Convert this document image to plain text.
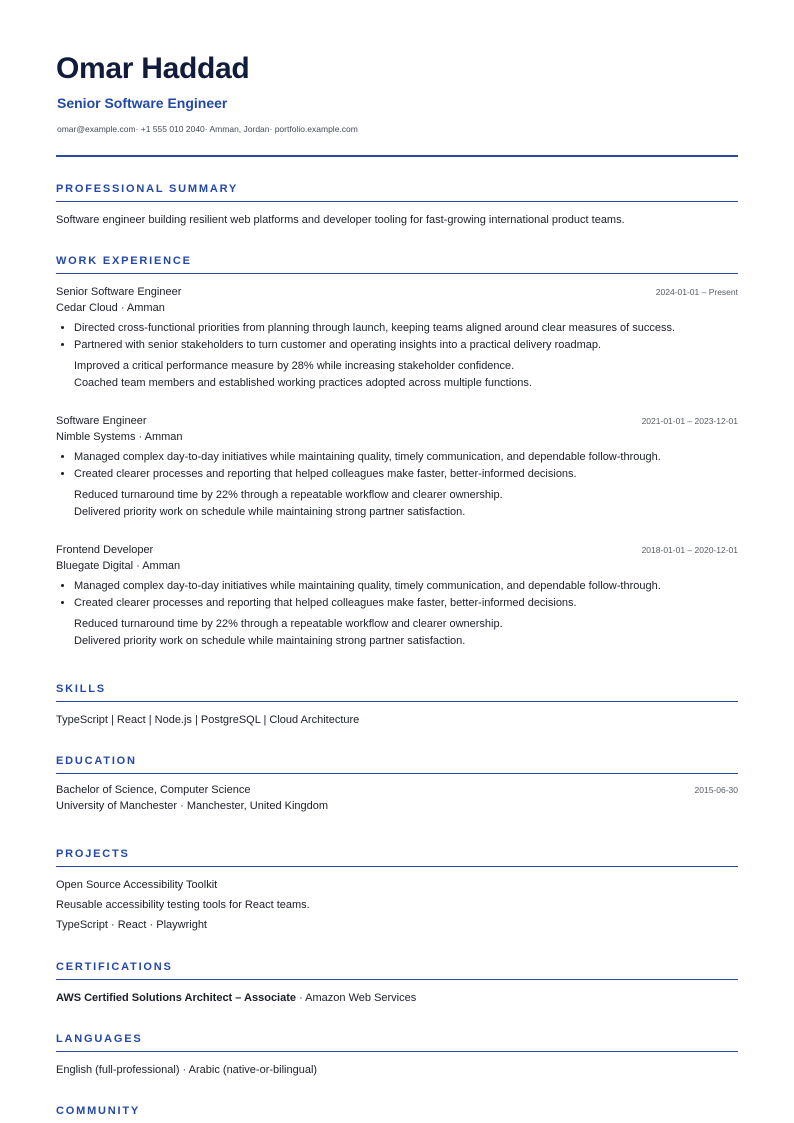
Omar Haddad
Senior Software Engineer
omar@example.com· +1 555 010 2040· Amman, Jordan· portfolio.example.com
PROFESSIONAL SUMMARY
Software engineer building resilient web platforms and developer tooling for fast-growing international product teams.
WORK EXPERIENCE
Senior Software Engineer	2024-01-01 – Present
Cedar Cloud · Amman
• Directed cross-functional priorities from planning through launch, keeping teams aligned around clear measures of success.
• Partnered with senior stakeholders to turn customer and operating insights into a practical delivery roadmap.
Improved a critical performance measure by 28% while increasing stakeholder confidence.
Coached team members and established working practices adopted across multiple functions.
Software Engineer	2021-01-01 – 2023-12-01
Nimble Systems · Amman
• Managed complex day-to-day initiatives while maintaining quality, timely communication, and dependable follow-through.
• Created clearer processes and reporting that helped colleagues make faster, better-informed decisions.
Reduced turnaround time by 22% through a repeatable workflow and clearer ownership.
Delivered priority work on schedule while maintaining strong partner satisfaction.
Frontend Developer	2018-01-01 – 2020-12-01
Bluegate Digital · Amman
• Managed complex day-to-day initiatives while maintaining quality, timely communication, and dependable follow-through.
• Created clearer processes and reporting that helped colleagues make faster, better-informed decisions.
Reduced turnaround time by 22% through a repeatable workflow and clearer ownership.
Delivered priority work on schedule while maintaining strong partner satisfaction.
SKILLS
TypeScript | React | Node.js | PostgreSQL | Cloud Architecture
EDUCATION
Bachelor of Science, Computer Science	2015-06-30
University of Manchester · Manchester, United Kingdom
PROJECTS
Open Source Accessibility Toolkit
Reusable accessibility testing tools for React teams.
TypeScript · React · Playwright
CERTIFICATIONS
AWS Certified Solutions Architect – Associate · Amazon Web Services
LANGUAGES
English (full-professional) · Arabic (native-or-bilingual)
COMMUNITY
